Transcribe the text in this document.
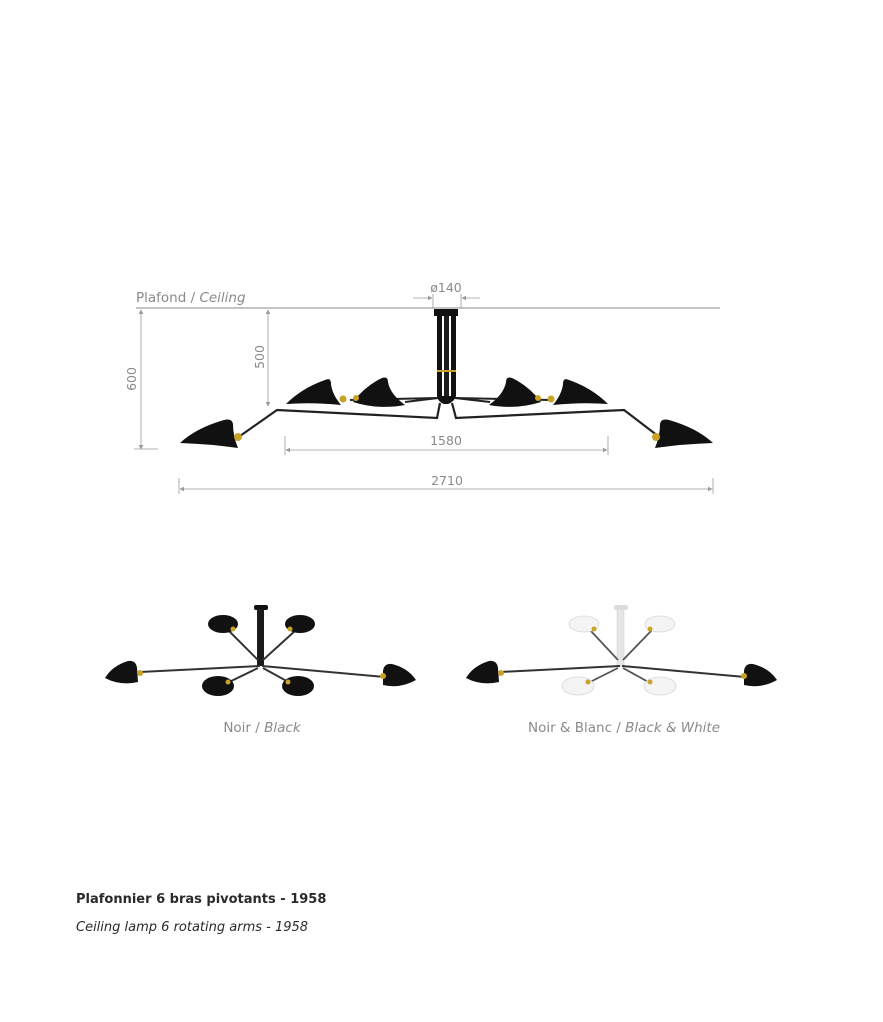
Plafond / Ceiling
ø140
600
500
1580
2710
Noir / Black	Noir & Blanc / Black & White
Plafonnier 6 bras pivotants - 1958
Ceiling lamp 6 rotating arms - 1958
